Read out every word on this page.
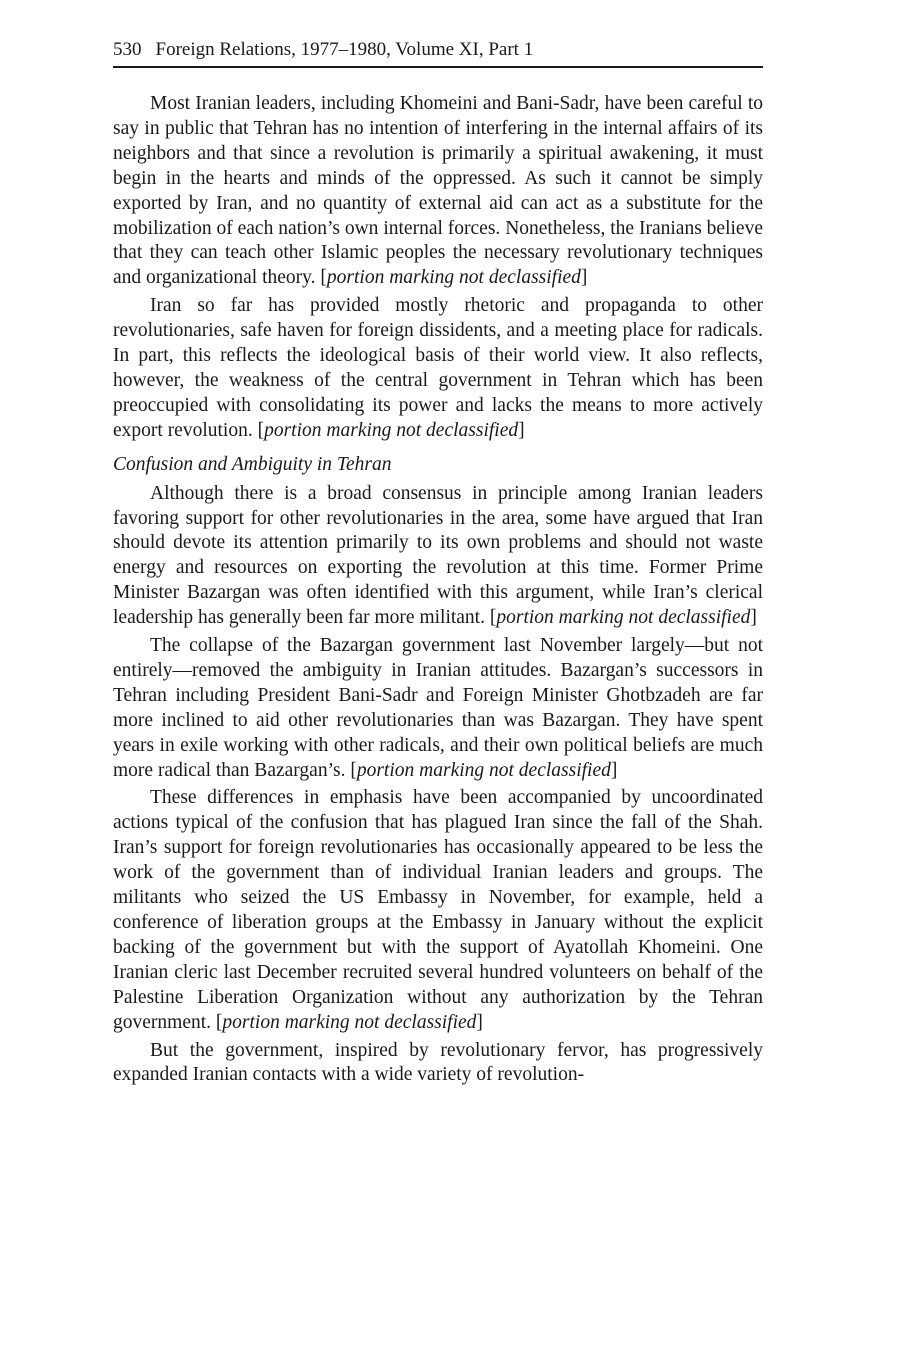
530 Foreign Relations, 1977–1980, Volume XI, Part 1

Most Iranian leaders, including Khomeini and Bani-Sadr, have been careful to say in public that Tehran has no intention of interfering in the internal affairs of its neighbors and that since a revolution is primarily a spiritual awakening, it must begin in the hearts and minds of the oppressed. As such it cannot be simply exported by Iran, and no quantity of external aid can act as a substitute for the mobilization of each nation’s own internal forces. Nonetheless, the Iranians believe that they can teach other Islamic peoples the necessary revolutionary techniques and organizational theory. [portion marking not declassified]

Iran so far has provided mostly rhetoric and propaganda to other revolutionaries, safe haven for foreign dissidents, and a meeting place for radicals. In part, this reflects the ideological basis of their world view. It also reflects, however, the weakness of the central government in Tehran which has been preoccupied with consolidating its power and lacks the means to more actively export revolution. [portion marking not declassified]

Confusion and Ambiguity in Tehran

Although there is a broad consensus in principle among Iranian leaders favoring support for other revolutionaries in the area, some have argued that Iran should devote its attention primarily to its own problems and should not waste energy and resources on exporting the revolution at this time. Former Prime Minister Bazargan was often identified with this argument, while Iran’s clerical leadership has generally been far more militant. [portion marking not declassified]

The collapse of the Bazargan government last November largely—but not entirely—removed the ambiguity in Iranian attitudes. Bazargan’s successors in Tehran including President Bani-Sadr and Foreign Minister Ghotbzadeh are far more inclined to aid other revolutionaries than was Bazargan. They have spent years in exile working with other radicals, and their own political beliefs are much more radical than Bazargan’s. [portion marking not declassified]

These differences in emphasis have been accompanied by uncoordinated actions typical of the confusion that has plagued Iran since the fall of the Shah. Iran’s support for foreign revolutionaries has occasionally appeared to be less the work of the government than of individual Iranian leaders and groups. The militants who seized the US Embassy in November, for example, held a conference of liberation groups at the Embassy in January without the explicit backing of the government but with the support of Ayatollah Khomeini. One Iranian cleric last December recruited several hundred volunteers on behalf of the Palestine Liberation Organization without any authorization by the Tehran government. [portion marking not declassified]

But the government, inspired by revolutionary fervor, has progressively expanded Iranian contacts with a wide variety of revolution-
